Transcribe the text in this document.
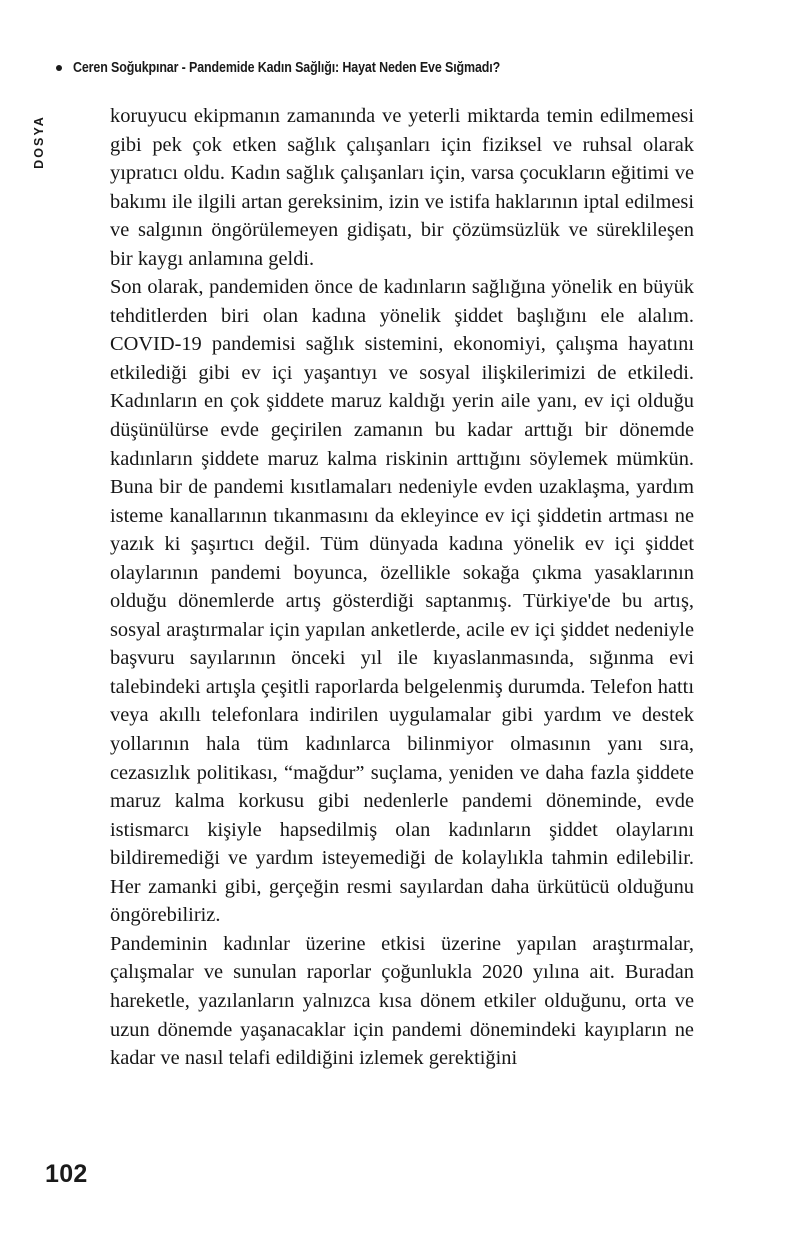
Ceren Soğukpınar - Pandemide Kadın Sağlığı: Hayat Neden Eve Sığmadı?
DOSYA	koruyucu ekipmanın zamanında ve yeterli miktarda temin edilmemesi gibi pek çok etken sağlık çalışanları için fiziksel ve ruhsal olarak yıpratıcı oldu. Kadın sağlık çalışanları için, varsa çocukların eğitimi ve bakımı ile ilgili artan gereksinim, izin ve istifa haklarının iptal edilmesi ve salgının öngörülemeyen gidişatı, bir çözümsüzlük ve süreklileşen bir kaygı anlamına geldi.

Son olarak, pandemiden önce de kadınların sağlığına yönelik en büyük tehditlerden biri olan kadına yönelik şiddet başlığını ele alalım. COVID-19 pandemisi sağlık sistemini, ekonomiyi, çalışma hayatını etkilediği gibi ev içi yaşantıyı ve sosyal ilişkilerimizi de etkiledi. Kadınların en çok şiddete maruz kaldığı yerin aile yanı, ev içi olduğu düşünülürse evde geçirilen zamanın bu kadar arttığı bir dönemde kadınların şiddete maruz kalma riskinin arttığını söylemek mümkün. Buna bir de pandemi kısıtlamaları nedeniyle evden uzaklaşma, yardım isteme kanallarının tıkanmasını da ekleyince ev içi şiddetin artması ne yazık ki şaşırtıcı değil. Tüm dünyada kadına yönelik ev içi şiddet olaylarının pandemi boyunca, özellikle sokağa çıkma yasaklarının olduğu dönemlerde artış gösterdiği saptanmış. Türkiye'de bu artış, sosyal araştırmalar için yapılan anketlerde, acile ev içi şiddet nedeniyle başvuru sayılarının önceki yıl ile kıyaslanmasında, sığınma evi talebindeki artışla çeşitli raporlarda belgelenmiş durumda. Telefon hattı veya akıllı telefonlara indirilen uygulamalar gibi yardım ve destek yollarının hala tüm kadınlarca bilinmiyor olmasının yanı sıra, cezasızlık politikası, “mağdur” suçlama, yeniden ve daha fazla şiddete maruz kalma korkusu gibi nedenlerle pandemi döneminde, evde istismarcı kişiyle hapsedilmiş olan kadınların şiddet olaylarını bildiremediği ve yardım isteyemediği de kolaylıkla tahmin edilebilir. Her zamanki gibi, gerçeğin resmi sayılardan daha ürkütücü olduğunu öngörebiliriz.

Pandeminin kadınlar üzerine etkisi üzerine yapılan araştırmalar, çalışmalar ve sunulan raporlar çoğunlukla 2020 yılına ait. Buradan hareketle, yazılanların yalnızca kısa dönem etkiler olduğunu, orta ve uzun dönemde yaşanacaklar için pandemi dönemindeki kayıpların ne kadar ve nasıl telafi edildiğini izlemek gerektiğini

102
